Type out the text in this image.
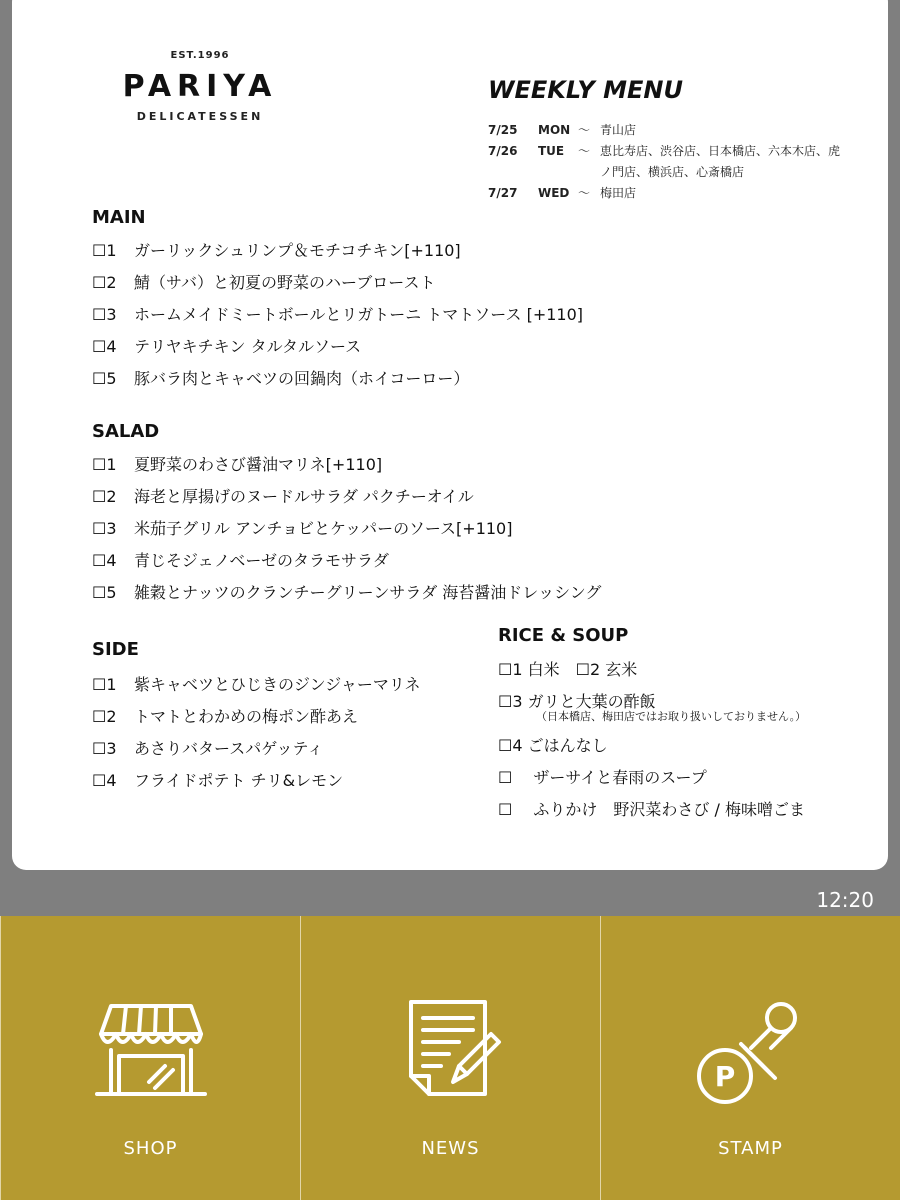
EST.1996
PARIYA
DELICATESSEN
WEEKLY MENU
7/25	MON 〜 青山店
7/26	TUE	〜 恵比寿店、渋谷店、日本橋店、六本木店、虎ノ門店、横浜店、心斎橋店
7/27	WED 〜 梅田店
MAIN
☐1 ガーリックシュリンプ＆モチコチキン[+110]
☐2 鯖（サバ）と初夏の野菜のハーブロースト
☐3 ホームメイドミートボールとリガトーニ トマトソース [+110]
☐4 テリヤキチキン タルタルソース
☐5 豚バラ肉とキャベツの回鍋肉（ホイコーロー）
SALAD
☐1 夏野菜のわさび醤油マリネ[+110]
☐2 海老と厚揚げのヌードルサラダ パクチーオイル
☐3 米茄子グリル アンチョビとケッパーのソース[+110]
☐4 青じそジェノベーゼのタラモサラダ
☐5 雑穀とナッツのクランチーグリーンサラダ 海苔醤油ドレッシング
SIDE
☐1 紫キャベツとひじきのジンジャーマリネ
☐2 トマトとわかめの梅ポン酢あえ
☐3 あさりバタースパゲッティ
☐4 フライドポテト チリ&レモン
RICE & SOUP
☐1 白米　☐2 玄米
☐3 ガリと大葉の酢飯
（日本橋店、梅田店ではお取り扱いしておりません。）
☐4 ごはんなし
☐　 ザーサイと春雨のスープ
☐　 ふりかけ　野沢菜わさび / 梅味噌ごま
12:20
SHOP	NEWS
P
STAMP
